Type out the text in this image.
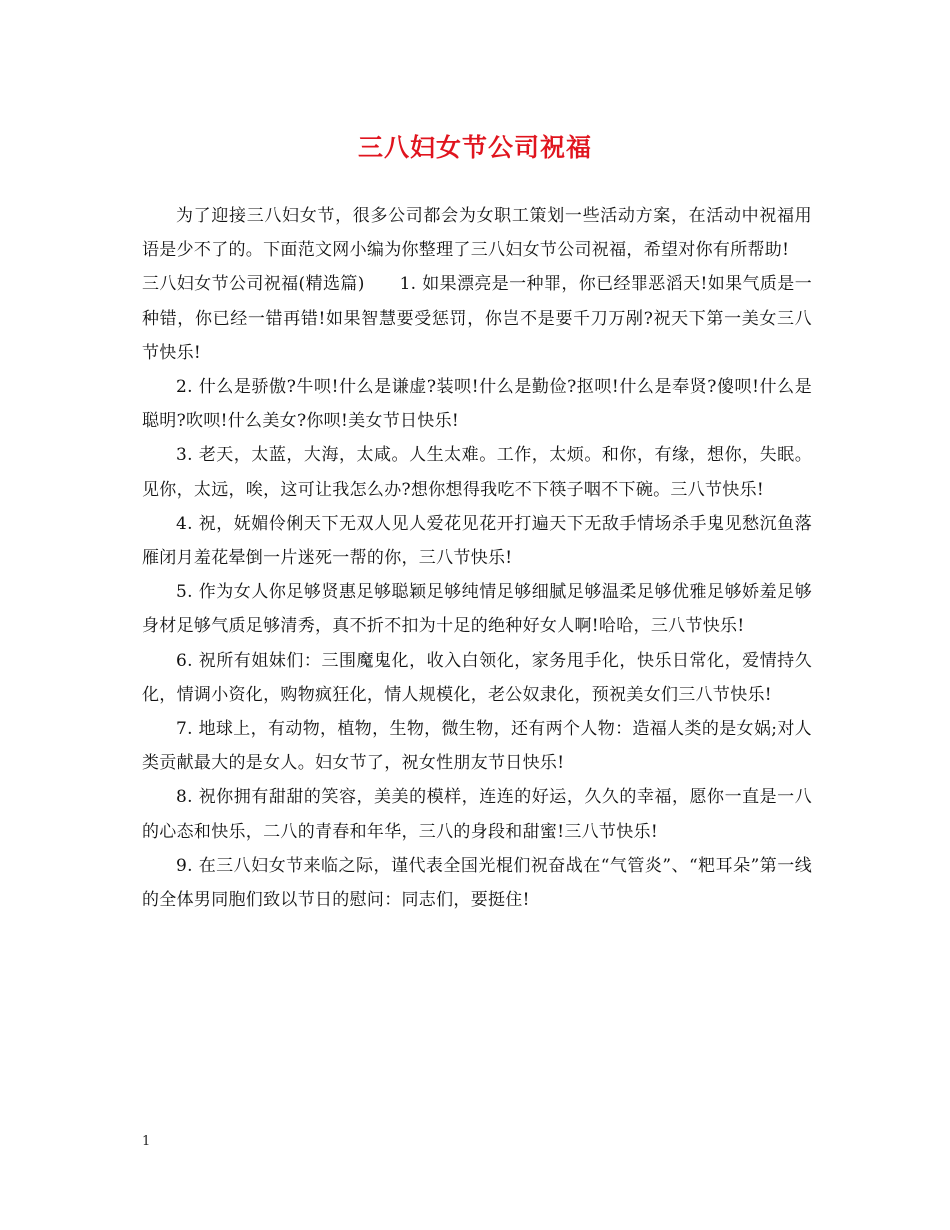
三八妇女节公司祝福

为了迎接三八妇女节，很多公司都会为女职工策划一些活动方案，在活动中祝福用语是少不了的。下面范文网小编为你整理了三八妇女节公司祝福，希望对你有所帮助!

三八妇女节公司祝福(精选篇)　　1. 如果漂亮是一种罪，你已经罪恶滔天!如果气质是一种错，你已经一错再错!如果智慧要受惩罚，你岂不是要千刀万剐?祝天下第一美女三八节快乐!

2. 什么是骄傲?牛呗!什么是谦虚?装呗!什么是勤俭?抠呗!什么是奉贤?傻呗!什么是聪明?吹呗!什么美女?你呗!美女节日快乐!

3. 老天，太蓝，大海，太咸。人生太难。工作，太烦。和你，有缘，想你，失眠。见你，太远，唉，这可让我怎么办?想你想得我吃不下筷子咽不下碗。三八节快乐!

4. 祝，妩媚伶俐天下无双人见人爱花见花开打遍天下无敌手情场杀手鬼见愁沉鱼落雁闭月羞花晕倒一片迷死一帮的你，三八节快乐!

5. 作为女人你足够贤惠足够聪颖足够纯情足够细腻足够温柔足够优雅足够娇羞足够身材足够气质足够清秀，真不折不扣为十足的绝种好女人啊!哈哈，三八节快乐!

6. 祝所有姐妹们：三围魔鬼化，收入白领化，家务甩手化，快乐日常化，爱情持久化，情调小资化，购物疯狂化，情人规模化，老公奴隶化，预祝美女们三八节快乐!

7. 地球上，有动物，植物，生物，微生物，还有两个人物：造福人类的是女娲;对人类贡献最大的是女人。妇女节了，祝女性朋友节日快乐!

8. 祝你拥有甜甜的笑容，美美的模样，连连的好运，久久的幸福，愿你一直是一八的心态和快乐，二八的青春和年华，三八的身段和甜蜜!三八节快乐!

9. 在三八妇女节来临之际，谨代表全国光棍们祝奋战在“气管炎”、“粑耳朵”第一线的全体男同胞们致以节日的慰问：同志们，要挺住!

1
